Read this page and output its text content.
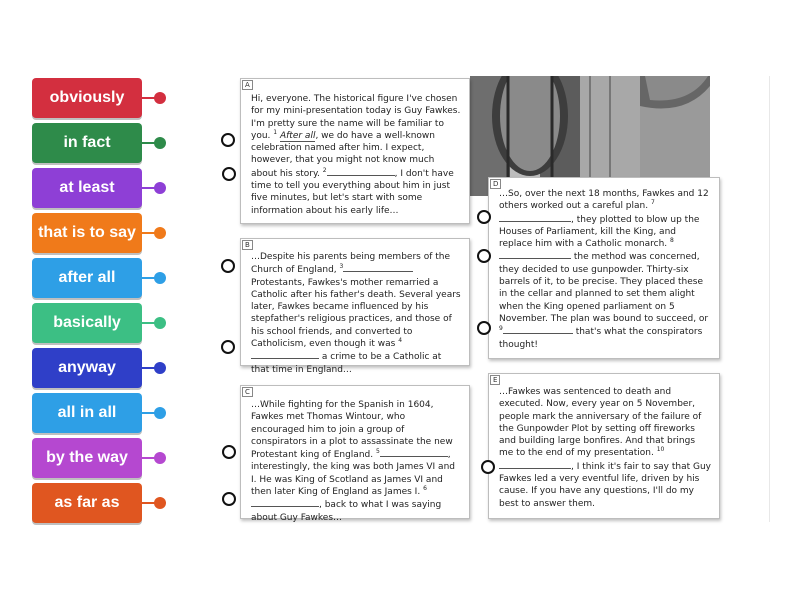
obviously
in fact
at least
that is to say
after all
basically
anyway
all in all
by the way
as far as
A
Hi, everyone. The historical figure I've chosen for my mini-presentation today is Guy Fawkes. I'm pretty sure the name will be familiar to you. $^1$ After all, we do have a well-known celebration named after him. I expect, however, that you might not know much about his story. $^2$	, I don't have time to tell you everything about him in just five minutes, but let's start with some information about his early life…
B
…Despite his parents being members of the Church of England, $^3$ Protestants, Fawkes's mother remarried a Catholic after his father's death. Several years later, Fawkes became influenced by his stepfather's religious practices, and those of his school friends, and converted to Catholicism, even though it was $^4$ a crime to be a Catholic at that time in England…
C
…While fighting for the Spanish in 1604, Fawkes met Thomas Wintour, who encouraged him to join a group of conspirators in a plot to assassinate the new Protestant king of England. $^5$	, interestingly, the king was both James VI and I. He was King of Scotland as James VI and then later King of England as James I. $^6$, back to what I was saying about Guy Fawkes…
D
…So, over the next 18 months, Fawkes and 12 others worked out a careful plan. $^7$, they plotted to blow up the Houses of Parliament, kill the King, and replace him with a Catholic monarch. $^8$ the method was concerned, they decided to use gunpowder. Thirty-six barrels of it, to be precise. They placed these in the cellar and planned to set them alight when the King opened parliament on 5 November. The plan was bound to succeed, or $^9$	that's what the conspirators thought!
E
…Fawkes was sentenced to death and executed. Now, every year on 5 November, people mark the anniversary of the failure of the Gunpowder Plot by setting off fireworks and building large bonfires. And that brings me to the end of my presentation. $^{10}$, I think it's fair to say that Guy Fawkes led a very eventful life, driven by his cause. If you have any questions, I'll do my best to answer them.
